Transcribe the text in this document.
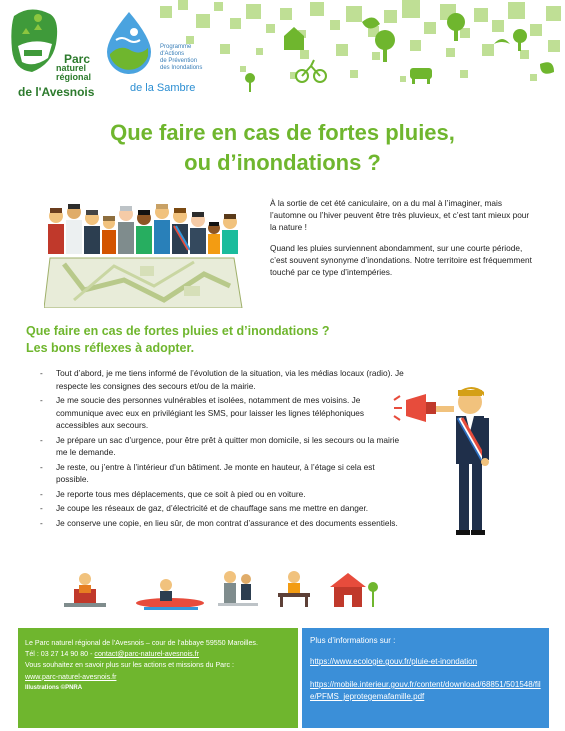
Parc
naturel
régional
de l'Avesnois
Programme
d'Actions
de Prévention
des Inondations
de la Sambre
Que faire en cas de fortes pluies,
ou d’inondations ?

À la sortie de cet été caniculaire, on a du mal à l’imaginer, mais l’automne ou l’hiver peuvent être très pluvieux, et c’est tant mieux pour la nature !

Quand les pluies surviennent abondamment, sur une courte période, c’est souvent synonyme d’inondations. Notre territoire est fréquemment touché par ce type d’intempéries.

Que faire en cas de fortes pluies et d’inondations ?
Les bons réflexes à adopter.
- Tout d’abord, je me tiens informé de l’évolution de la situation, via les médias locaux (radio). Je respecte les consignes des secours et/ou de la mairie.
- Je me soucie des personnes vulnérables et isolées, notamment de mes voisins. Je communique avec eux en privilégiant les SMS, pour laisser les lignes téléphoniques accessibles aux secours.
- Je prépare un sac d’urgence, pour être prêt à quitter mon domicile, si les secours ou la mairie me le demande.
- Je reste, ou j’entre à l’intérieur d’un bâtiment. Je monte en hauteur, à l’étage si cela est possible.
- Je reporte tous mes déplacements, que ce soit à pied ou en voiture.
- Je coupe les réseaux de gaz, d’électricité et de chauffage sans me mettre en danger.
- Je conserve une copie, en lieu sûr, de mon contrat d’assurance et des documents essentiels.
Le Parc naturel régional de l’Avesnois – cour de l’abbaye 59550 Maroilles.
Tél : 03 27 14 90 80 - contact@parc-naturel-avesnois.fr
Vous souhaitez en savoir plus sur les actions et missions du Parc :
www.parc-naturel-avesnois.fr
Illustrations ©PNRA
Plus d’informations sur :
https://www.ecologie.gouv.fr/pluie-et-inondation
https://mobile.interieur.gouv.fr/content/download/68851/501548/file/PFMS_jeprotegemafamille.pdf
